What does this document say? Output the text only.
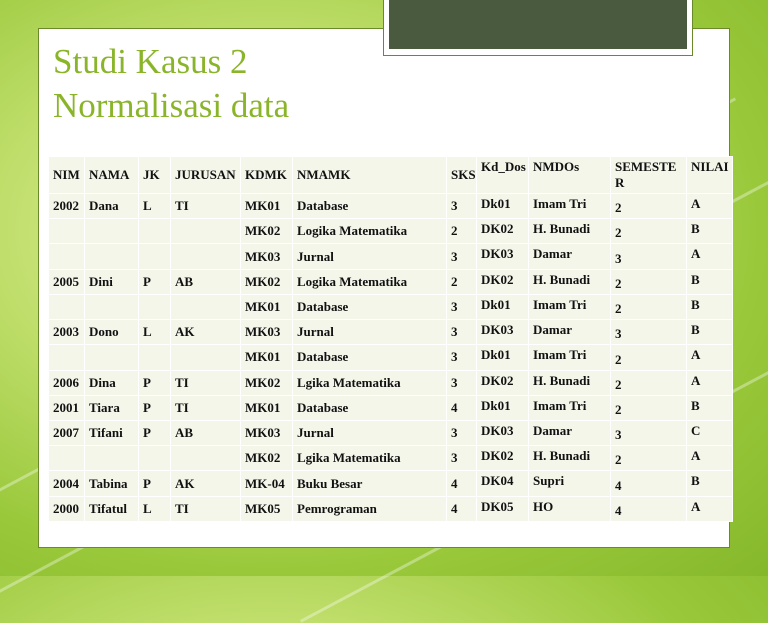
Studi Kasus 2
Normalisasi data
NIM	NAMA	JK	JURUSAN	KDMK	NMAMK	SKS	Kd_Dos	NMDOs	SEMESTER	NILAI
2002	Dana	L	TI	MK01	Database	3	Dk01	Imam Tri	2	A
				MK02	Logika Matematika	2	DK02	H. Bunadi	2	B
				MK03	Jurnal	3	DK03	Damar	3	A
2005	Dini	P	AB	MK02	Logika Matematika	2	DK02	H. Bunadi	2	B
				MK01	Database	3	Dk01	Imam Tri	2	B
2003	Dono	L	AK	MK03	Jurnal	3	DK03	Damar	3	B
				MK01	Database	3	Dk01	Imam Tri	2	A
2006	Dina	P	TI	MK02	Lgika Matematika	3	DK02	H. Bunadi	2	A
2001	Tiara	P	TI	MK01	Database	4	Dk01	Imam Tri	2	B
2007	Tifani	P	AB	MK03	Jurnal	3	DK03	Damar	3	C
				MK02	Lgika Matematika	3	DK02	H. Bunadi	2	A
2004	Tabina	P	AK	MK-04	Buku Besar	4	DK04	Supri	4	B
2000	Tifatul	L	TI	MK05	Pemrograman	4	DK05	HO	4	A
